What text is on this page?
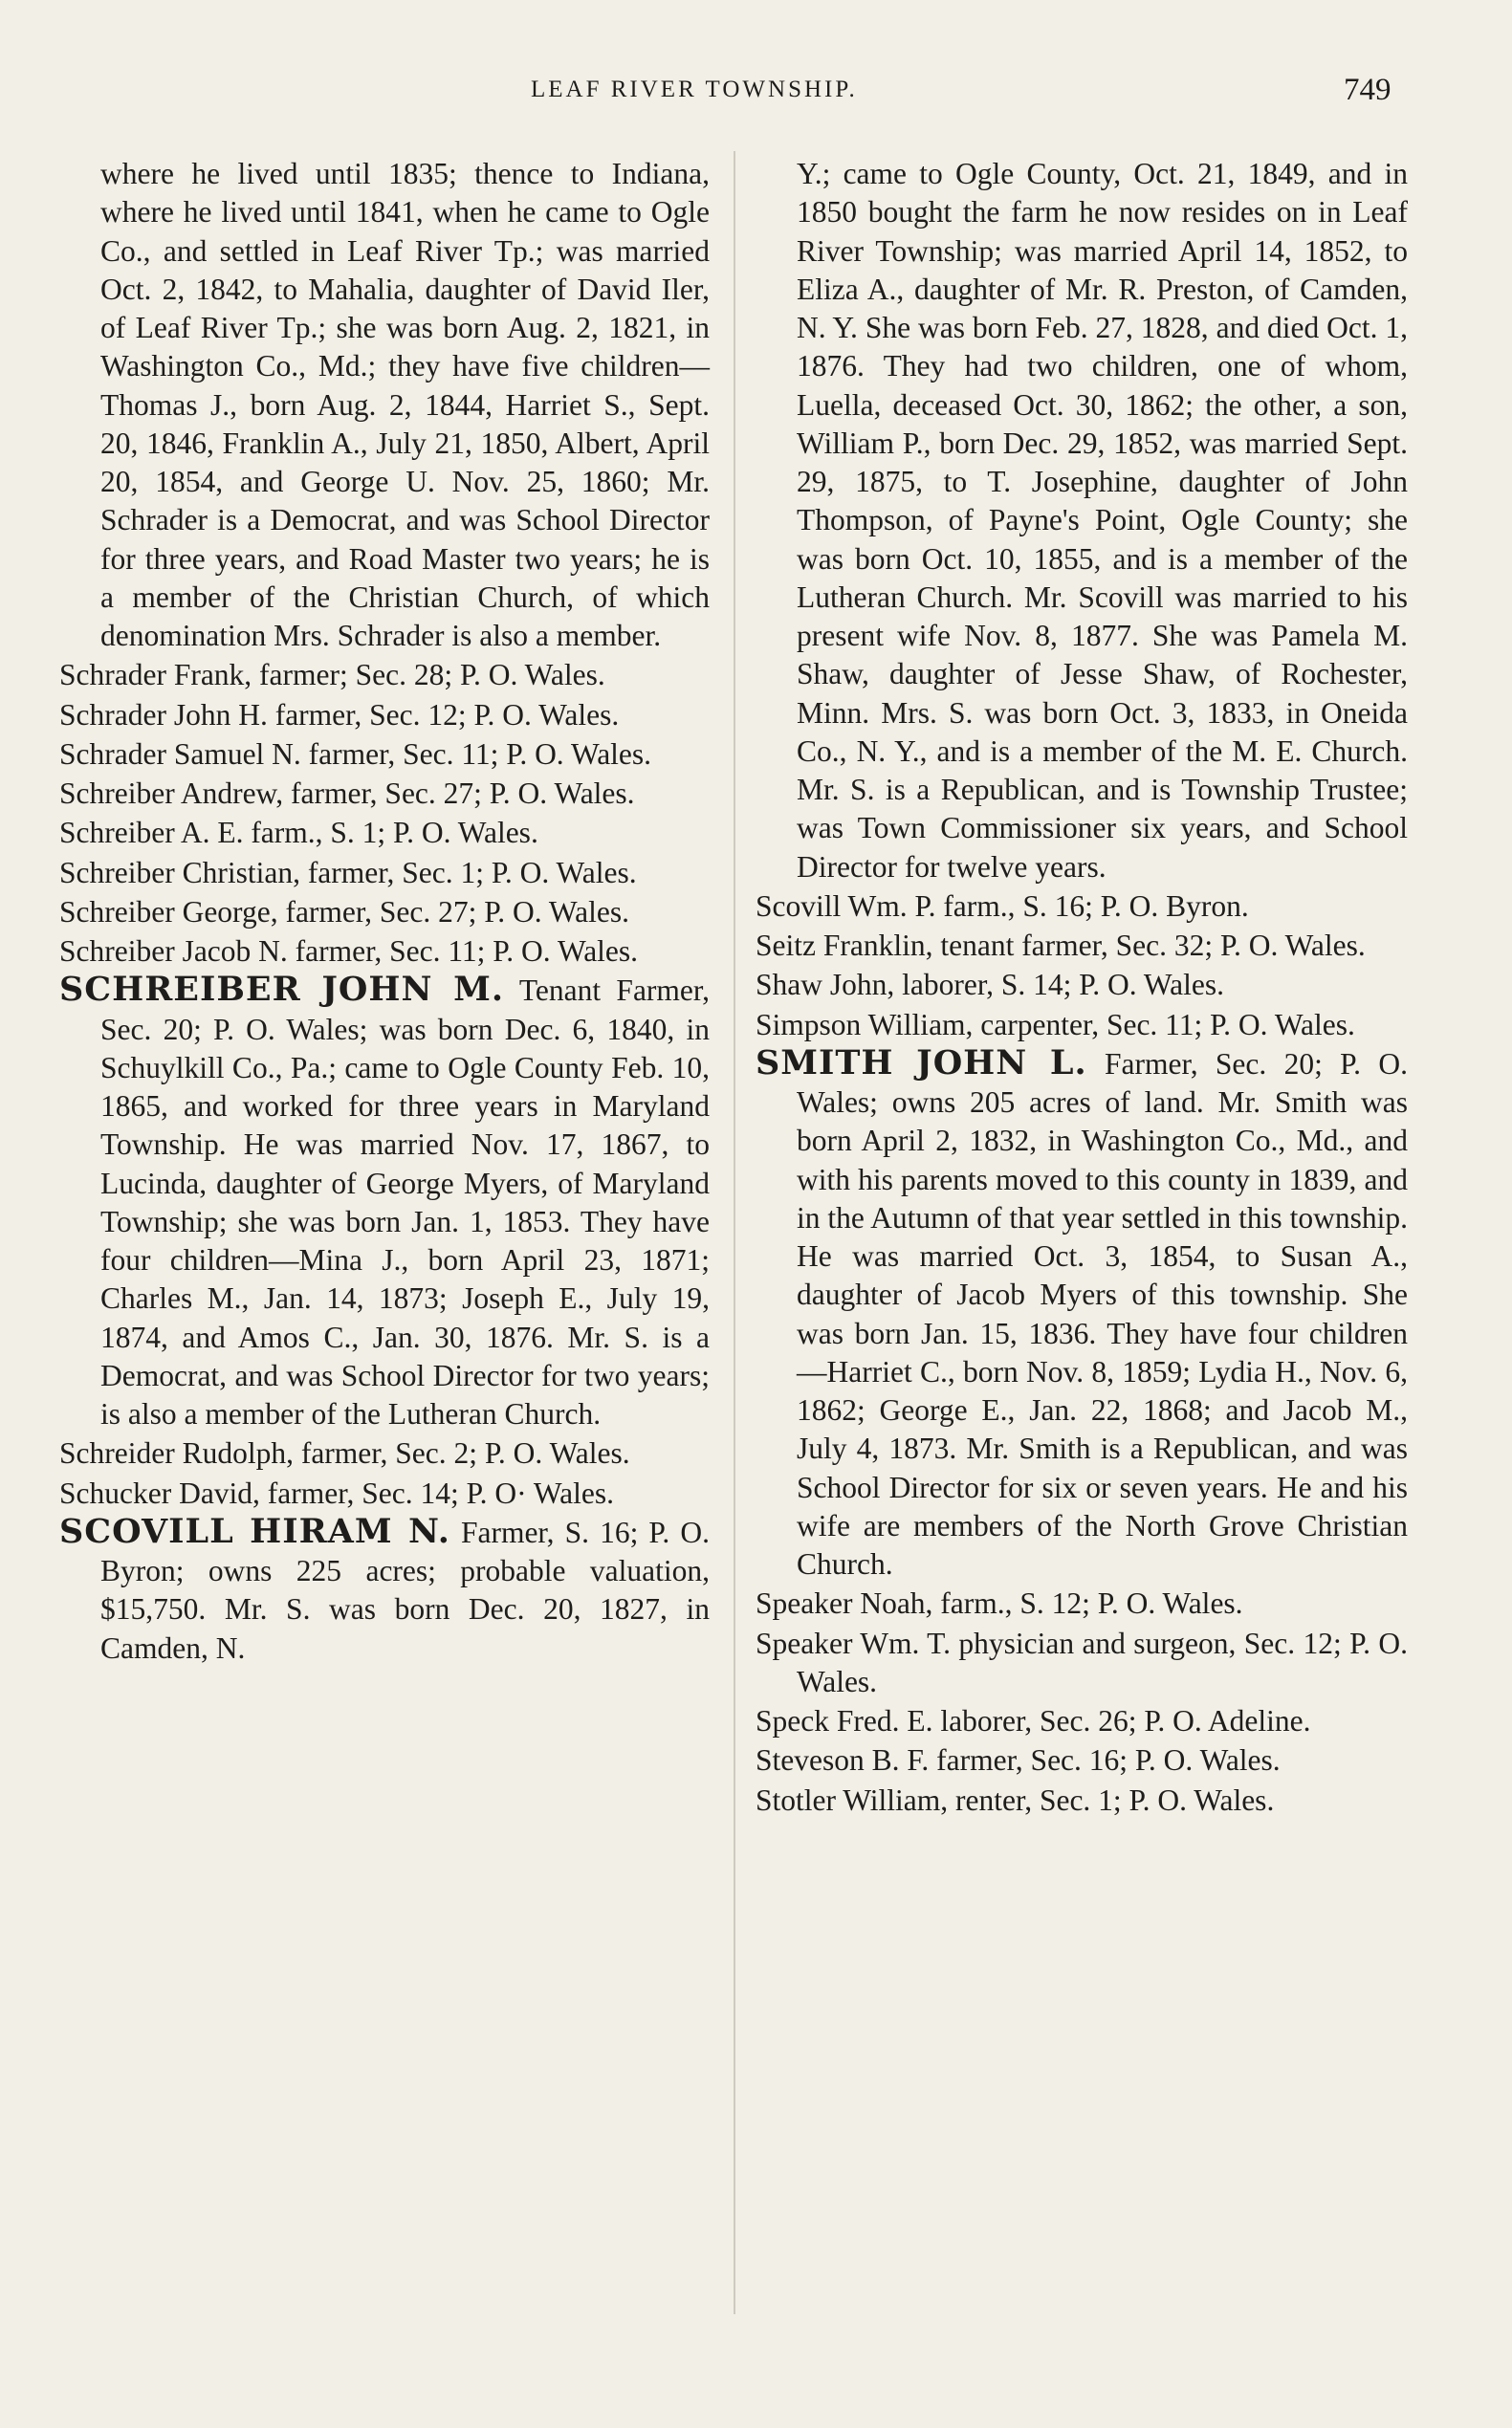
LEAF RIVER TOWNSHIP.	749

where he lived until 1835; thence to Indiana, where he lived until 1841, when he came to Ogle Co., and settled in Leaf River Tp.; was married Oct. 2, 1842, to Mahalia, daughter of David Iler, of Leaf River Tp.; she was born Aug. 2, 1821, in Washington Co., Md.; they have five children—Thomas J., born Aug. 2, 1844, Harriet S., Sept. 20, 1846, Franklin A., July 21, 1850, Albert, April 20, 1854, and George U. Nov. 25, 1860; Mr. Schrader is a Democrat, and was School Director for three years, and Road Master two years; he is a member of the Christian Church, of which denomination Mrs. Schrader is also a member.

Schrader Frank, farmer; Sec. 28; P. O. Wales.

Schrader John H. farmer, Sec. 12; P. O. Wales.

Schrader Samuel N. farmer, Sec. 11; P. O. Wales.

Schreiber Andrew, farmer, Sec. 27; P. O. Wales.

Schreiber A. E. farm., S. 1; P. O. Wales.

Schreiber Christian, farmer, Sec. 1; P. O. Wales.

Schreiber George, farmer, Sec. 27; P. O. Wales.

Schreiber Jacob N. farmer, Sec. 11; P. O. Wales.

SCHREIBER JOHN M. Tenant Farmer, Sec. 20; P. O. Wales; was born Dec. 6, 1840, in Schuylkill Co., Pa.; came to Ogle County Feb. 10, 1865, and worked for three years in Maryland Township. He was married Nov. 17, 1867, to Lucinda, daughter of George Myers, of Maryland Township; she was born Jan. 1, 1853. They have four children—Mina J., born April 23, 1871; Charles M., Jan. 14, 1873; Joseph E., July 19, 1874, and Amos C., Jan. 30, 1876. Mr. S. is a Democrat, and was School Director for two years; is also a member of the Lutheran Church.

Schreider Rudolph, farmer, Sec. 2; P. O. Wales.

Schucker David, farmer, Sec. 14; P. O· Wales.

SCOVILL HIRAM N. Farmer, S. 16; P. O. Byron; owns 225 acres; probable valuation, $15,750. Mr. S. was born Dec. 20, 1827, in Camden, N.

Y.; came to Ogle County, Oct. 21, 1849, and in 1850 bought the farm he now resides on in Leaf River Township; was married April 14, 1852, to Eliza A., daughter of Mr. R. Preston, of Camden, N. Y. She was born Feb. 27, 1828, and died Oct. 1, 1876. They had two children, one of whom, Luella, deceased Oct. 30, 1862; the other, a son, William P., born Dec. 29, 1852, was married Sept. 29, 1875, to T. Josephine, daughter of John Thompson, of Payne's Point, Ogle County; she was born Oct. 10, 1855, and is a member of the Lutheran Church. Mr. Scovill was married to his present wife Nov. 8, 1877. She was Pamela M. Shaw, daughter of Jesse Shaw, of Rochester, Minn. Mrs. S. was born Oct. 3, 1833, in Oneida Co., N. Y., and is a member of the M. E. Church. Mr. S. is a Republican, and is Township Trustee; was Town Commissioner six years, and School Director for twelve years.

Scovill Wm. P. farm., S. 16; P. O. Byron.

Seitz Franklin, tenant farmer, Sec. 32; P. O. Wales.

Shaw John, laborer, S. 14; P. O. Wales.

Simpson William, carpenter, Sec. 11; P. O. Wales.

SMITH JOHN L. Farmer, Sec. 20; P. O. Wales; owns 205 acres of land. Mr. Smith was born April 2, 1832, in Washington Co., Md., and with his parents moved to this county in 1839, and in the Autumn of that year settled in this township. He was married Oct. 3, 1854, to Susan A., daughter of Jacob Myers of this township. She was born Jan. 15, 1836. They have four children—Harriet C., born Nov. 8, 1859; Lydia H., Nov. 6, 1862; George E., Jan. 22, 1868; and Jacob M., July 4, 1873. Mr. Smith is a Republican, and was School Director for six or seven years. He and his wife are members of the North Grove Christian Church.

Speaker Noah, farm., S. 12; P. O. Wales.

Speaker Wm. T. physician and surgeon, Sec. 12; P. O. Wales.

Speck Fred. E. laborer, Sec. 26; P. O. Adeline.

Steveson B. F. farmer, Sec. 16; P. O. Wales.

Stotler William, renter, Sec. 1; P. O. Wales.
